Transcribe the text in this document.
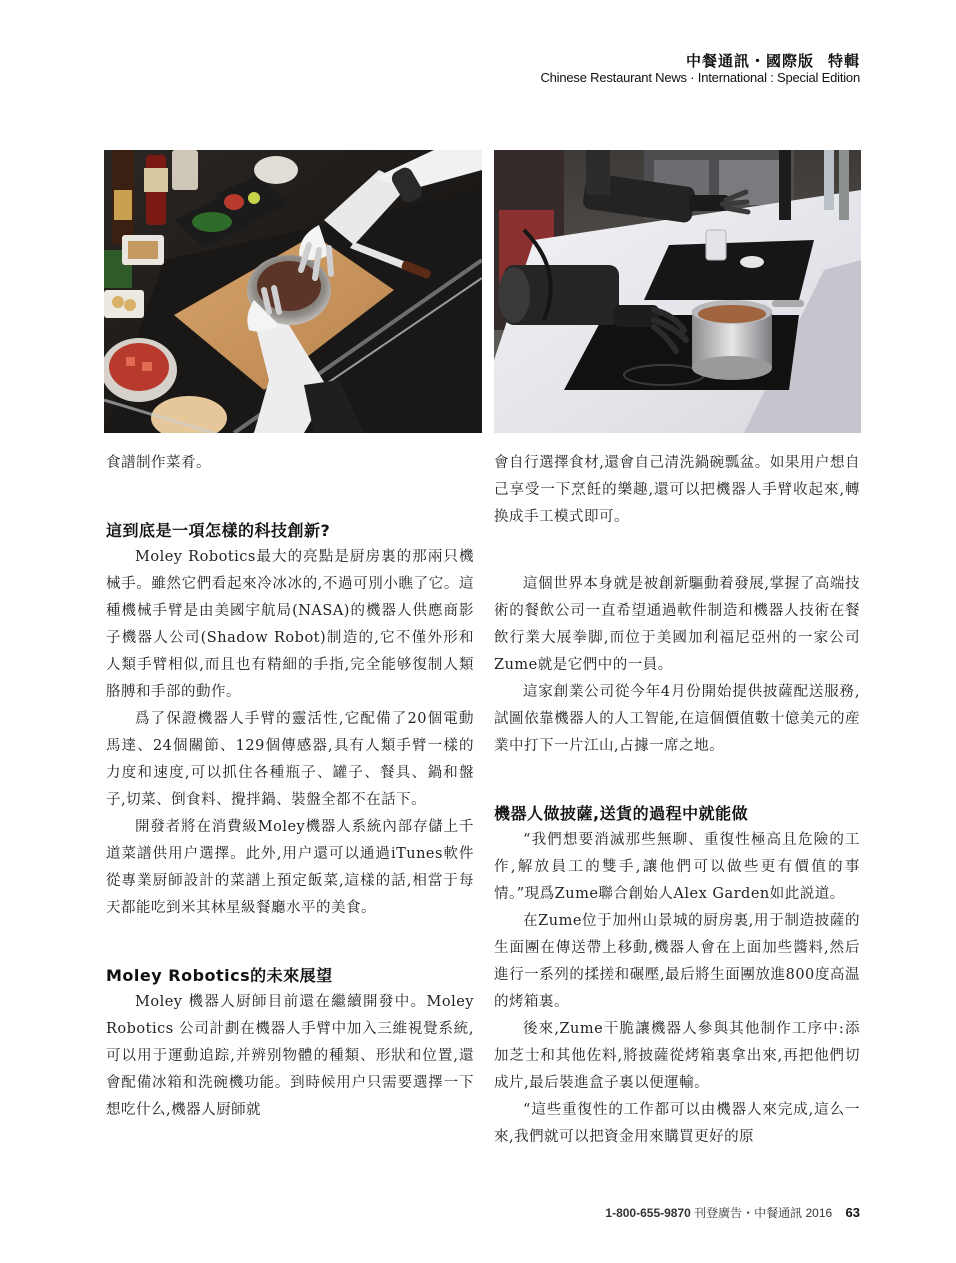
中餐通訊・國際版 特輯
Chinese Restaurant News · International : Special Edition

食譜制作菜肴。

這到底是一項怎樣的科技創新?

Moley Robotics最大的亮點是厨房裏的那兩只機械手。雖然它們看起來冷冰冰的,不過可別小瞧了它。這種機械手臂是由美國宇航局(NASA)的機器人供應商影子機器人公司(Shadow Robot)制造的,它不僅外形和人類手臂相似,而且也有精細的手指,完全能够復制人類胳膊和手部的動作。

爲了保證機器人手臂的靈活性,它配備了20個電動馬達、24個關節、129個傳感器,具有人類手臂一樣的力度和速度,可以抓住各種瓶子、罐子、餐具、鍋和盤子,切菜、倒食料、攪拌鍋、裝盤全都不在話下。

開發者將在消費級Moley機器人系統內部存儲上千道菜譜供用户選擇。此外,用户還可以通過iTunes軟件從專業厨師設計的菜譜上預定飯菜,這樣的話,相當于每天都能吃到米其林星級餐廳水平的美食。

Moley Robotics的未來展望

Moley 機器人厨師目前還在繼續開發中。Moley Robotics 公司計劃在機器人手臂中加入三維視覺系統,可以用于運動追踪,并辨别物體的種類、形狀和位置,還會配備冰箱和洗碗機功能。到時候用户只需要選擇一下想吃什么,機器人厨師就

會自行選擇食材,還會自己清洗鍋碗瓢盆。如果用户想自己享受一下烹飪的樂趣,還可以把機器人手臂收起來,轉换成手工模式即可。

這個世界本身就是被創新驅動着發展,掌握了高端技術的餐飲公司一直希望通過軟件制造和機器人技術在餐飲行業大展拳脚,而位于美國加利福尼亞州的一家公司Zume就是它們中的一員。

這家創業公司從今年4月份開始提供披薩配送服務,試圖依靠機器人的人工智能,在這個價值數十億美元的産業中打下一片江山,占據一席之地。

機器人做披薩,送貨的過程中就能做

“我們想要消滅那些無聊、重復性極高且危險的工作,解放員工的雙手,讓他們可以做些更有價值的事情。”現爲Zume聯合創始人Alex Garden如此説道。

在Zume位于加州山景城的厨房裏,用于制造披薩的生面團在傳送帶上移動,機器人會在上面加些醬料,然后進行一系列的揉搓和碾壓,最后將生面團放進800度高温的烤箱裏。

後來,Zume干脆讓機器人參與其他制作工序中:添加芝士和其他佐料,將披薩從烤箱裏拿出來,再把他們切成片,最后裝進盒子裏以便運輸。

“這些重復性的工作都可以由機器人來完成,這么一來,我們就可以把資金用來購買更好的原

1-800-655-9870 刊登廣告・中餐通訊 2016 63
